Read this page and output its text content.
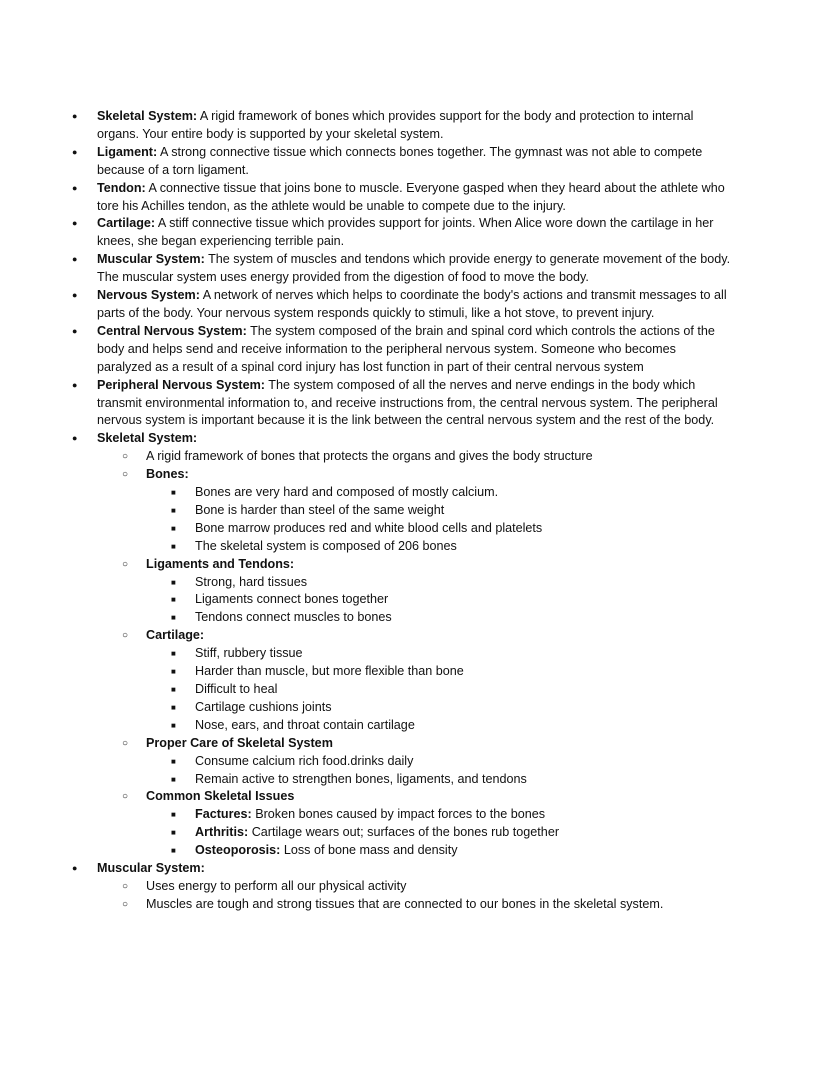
● Skeletal System: A rigid framework of bones which provides support for the body and protection to internal organs. Your entire body is supported by your skeletal system.
● Ligament: A strong connective tissue which connects bones together. The gymnast was not able to compete because of a torn ligament.
● Tendon: A connective tissue that joins bone to muscle. Everyone gasped when they heard about the athlete who tore his Achilles tendon, as the athlete would be unable to compete due to the injury.
● Cartilage: A stiff connective tissue which provides support for joints. When Alice wore down the cartilage in her knees, she began experiencing terrible pain.
● Muscular System: The system of muscles and tendons which provide energy to generate movement of the body. The muscular system uses energy provided from the digestion of food to move the body.
● Nervous System: A network of nerves which helps to coordinate the body's actions and transmit messages to all parts of the body. Your nervous system responds quickly to stimuli, like a hot stove, to prevent injury.
● Central Nervous System: The system composed of the brain and spinal cord which controls the actions of the body and helps send and receive information to the peripheral nervous system. Someone who becomes paralyzed as a result of a spinal cord injury has lost function in part of their central nervous system
● Peripheral Nervous System: The system composed of all the nerves and nerve endings in the body which transmit environmental information to, and receive instructions from, the central nervous system. The peripheral nervous system is important because it is the link between the central nervous system and the rest of the body.
● Skeletal System:
○ A rigid framework of bones that protects the organs and gives the body structure
○ Bones:
■ Bones are very hard and composed of mostly calcium.
■ Bone is harder than steel of the same weight
■ Bone marrow produces red and white blood cells and platelets
■ The skeletal system is composed of 206 bones
○ Ligaments and Tendons:
■ Strong, hard tissues
■ Ligaments connect bones together
■ Tendons connect muscles to bones
○ Cartilage:
■ Stiff, rubbery tissue
■ Harder than muscle, but more flexible than bone
■ Difficult to heal
■ Cartilage cushions joints
■ Nose, ears, and throat contain cartilage
○ Proper Care of Skeletal System
■ Consume calcium rich food.drinks daily
■ Remain active to strengthen bones, ligaments, and tendons
○ Common Skeletal Issues
■ Factures: Broken bones caused by impact forces to the bones
■ Arthritis: Cartilage wears out; surfaces of the bones rub together
■ Osteoporosis: Loss of bone mass and density
● Muscular System:
○ Uses energy to perform all our physical activity
○ Muscles are tough and strong tissues that are connected to our bones in the skeletal system.
